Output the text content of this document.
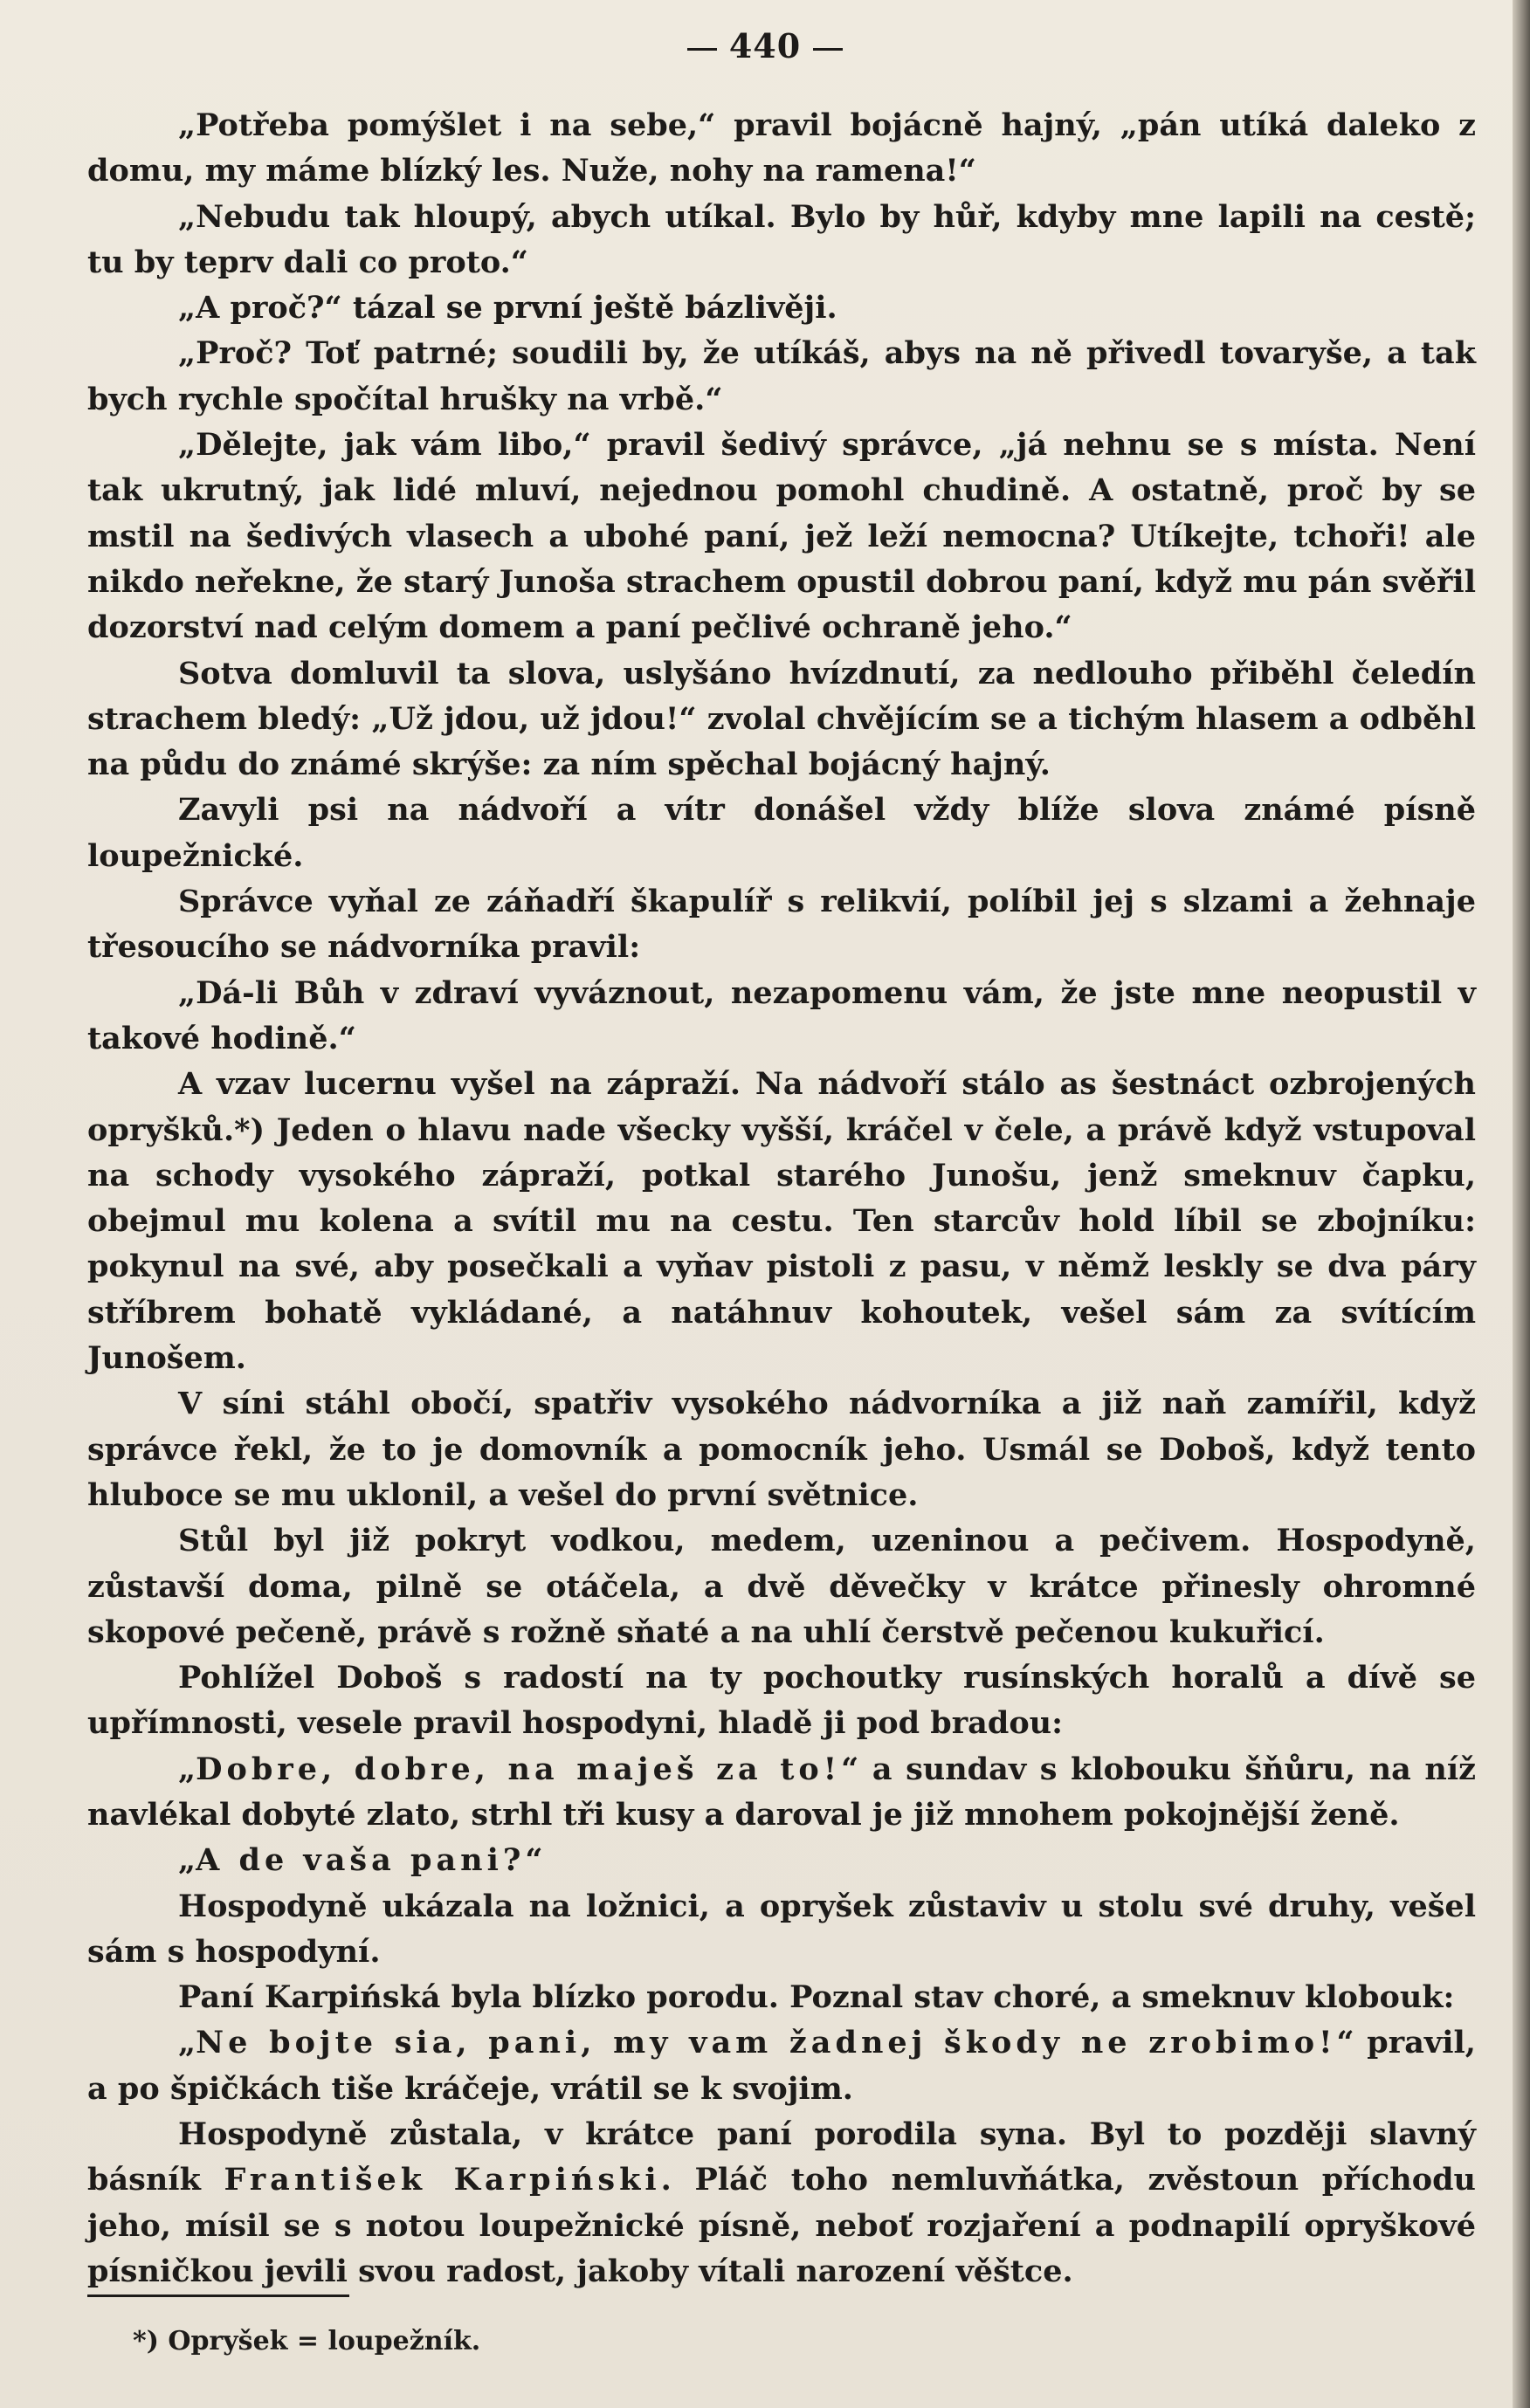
440

„Potřeba pomýšlet i na sebe,“ pravil bojácně hajný, „pán utíká daleko z domu, my máme blízký les. Nuže, nohy na ramena!“

„Nebudu tak hloupý, abych utíkal. Bylo by hůř, kdyby mne lapili na cestě; tu by teprv dali co proto.“

„A proč?“ tázal se první ještě bázlivěji.

„Proč? Toť patrné; soudili by, že utíkáš, abys na ně přivedl tovaryše, a tak bych rychle spočítal hrušky na vrbě.“

„Dělejte, jak vám libo,“ pravil šedivý správce, „já nehnu se s místa. Není tak ukrutný, jak lidé mluví, nejednou pomohl chudině. A ostatně, proč by se mstil na šedivých vlasech a ubohé paní, jež leží nemocna? Utíkejte, tchoři! ale nikdo neřekne, že starý Junoša strachem opustil dobrou paní, když mu pán svěřil dozorství nad celým domem a paní pečlivé ochraně jeho.“

Sotva domluvil ta slova, uslyšáno hvízdnutí, za nedlouho přiběhl čeledín strachem bledý: „Už jdou, už jdou!“ zvolal chvějícím se a tichým hlasem a odběhl na půdu do známé skrýše: za ním spěchal bojácný hajný.

Zavyli psi na nádvoří a vítr donášel vždy blíže slova známé písně loupežnické.

Správce vyňal ze záňadří škapulíř s relikvií, políbil jej s slzami a žehnaje třesoucího se nádvorníka pravil:

„Dá-li Bůh v zdraví vyváznout, nezapomenu vám, že jste mne neopustil v takové hodině.“

A vzav lucernu vyšel na zápraží. Na nádvoří stálo as šestnáct ozbrojených opryšků.*) Jeden o hlavu nade všecky vyšší, kráčel v čele, a právě když vstupoval na schody vysokého zápraží, potkal starého Junošu, jenž smeknuv čapku, obejmul mu kolena a svítil mu na cestu. Ten starcův hold líbil se zbojníku: pokynul na své, aby posečkali a vyňav pistoli z pasu, v němž leskly se dva páry stříbrem bohatě vykládané, a natáhnuv kohoutek, vešel sám za svítícím Junošem.

V síni stáhl obočí, spatřiv vysokého nádvorníka a již naň zamířil, když správce řekl, že to je domovník a pomocník jeho. Usmál se Doboš, když tento hluboce se mu uklonil, a vešel do první světnice.

Stůl byl již pokryt vodkou, medem, uzeninou a pečivem. Hospodyně, zůstavší doma, pilně se otáčela, a dvě děvečky v krátce přinesly ohromné skopové pečeně, právě s rožně sňaté a na uhlí čerstvě pečenou kukuřicí.

Pohlížel Doboš s radostí na ty pochoutky rusínských horalů a dívě se upřímnosti, vesele pravil hospodyni, hladě ji pod bradou:

„Dobre, dobre, na maješ za to!“ a sundav s klobouku šňůru, na níž navlékal dobyté zlato, strhl tři kusy a daroval je již mnohem pokojnější ženě.

„A de vaša pani?“

Hospodyně ukázala na ložnici, a opryšek zůstaviv u stolu své druhy, vešel sám s hospodyní.

Paní Karpińská byla blízko porodu. Poznal stav choré, a smeknuv klobouk:

„Ne bojte sia, pani, my vam žadnej škody ne zrobimo!“ pravil, a po špičkách tiše kráčeje, vrátil se k svojim.

Hospodyně zůstala, v krátce paní porodila syna. Byl to později slavný básník František Karpiński. Pláč toho nemluvňátka, zvěstoun příchodu jeho, mísil se s notou loupežnické písně, neboť rozjaření a podnapilí opryškové písničkou jevili svou radost, jakoby vítali narození věštce.

*) Opryšek = loupežník.
